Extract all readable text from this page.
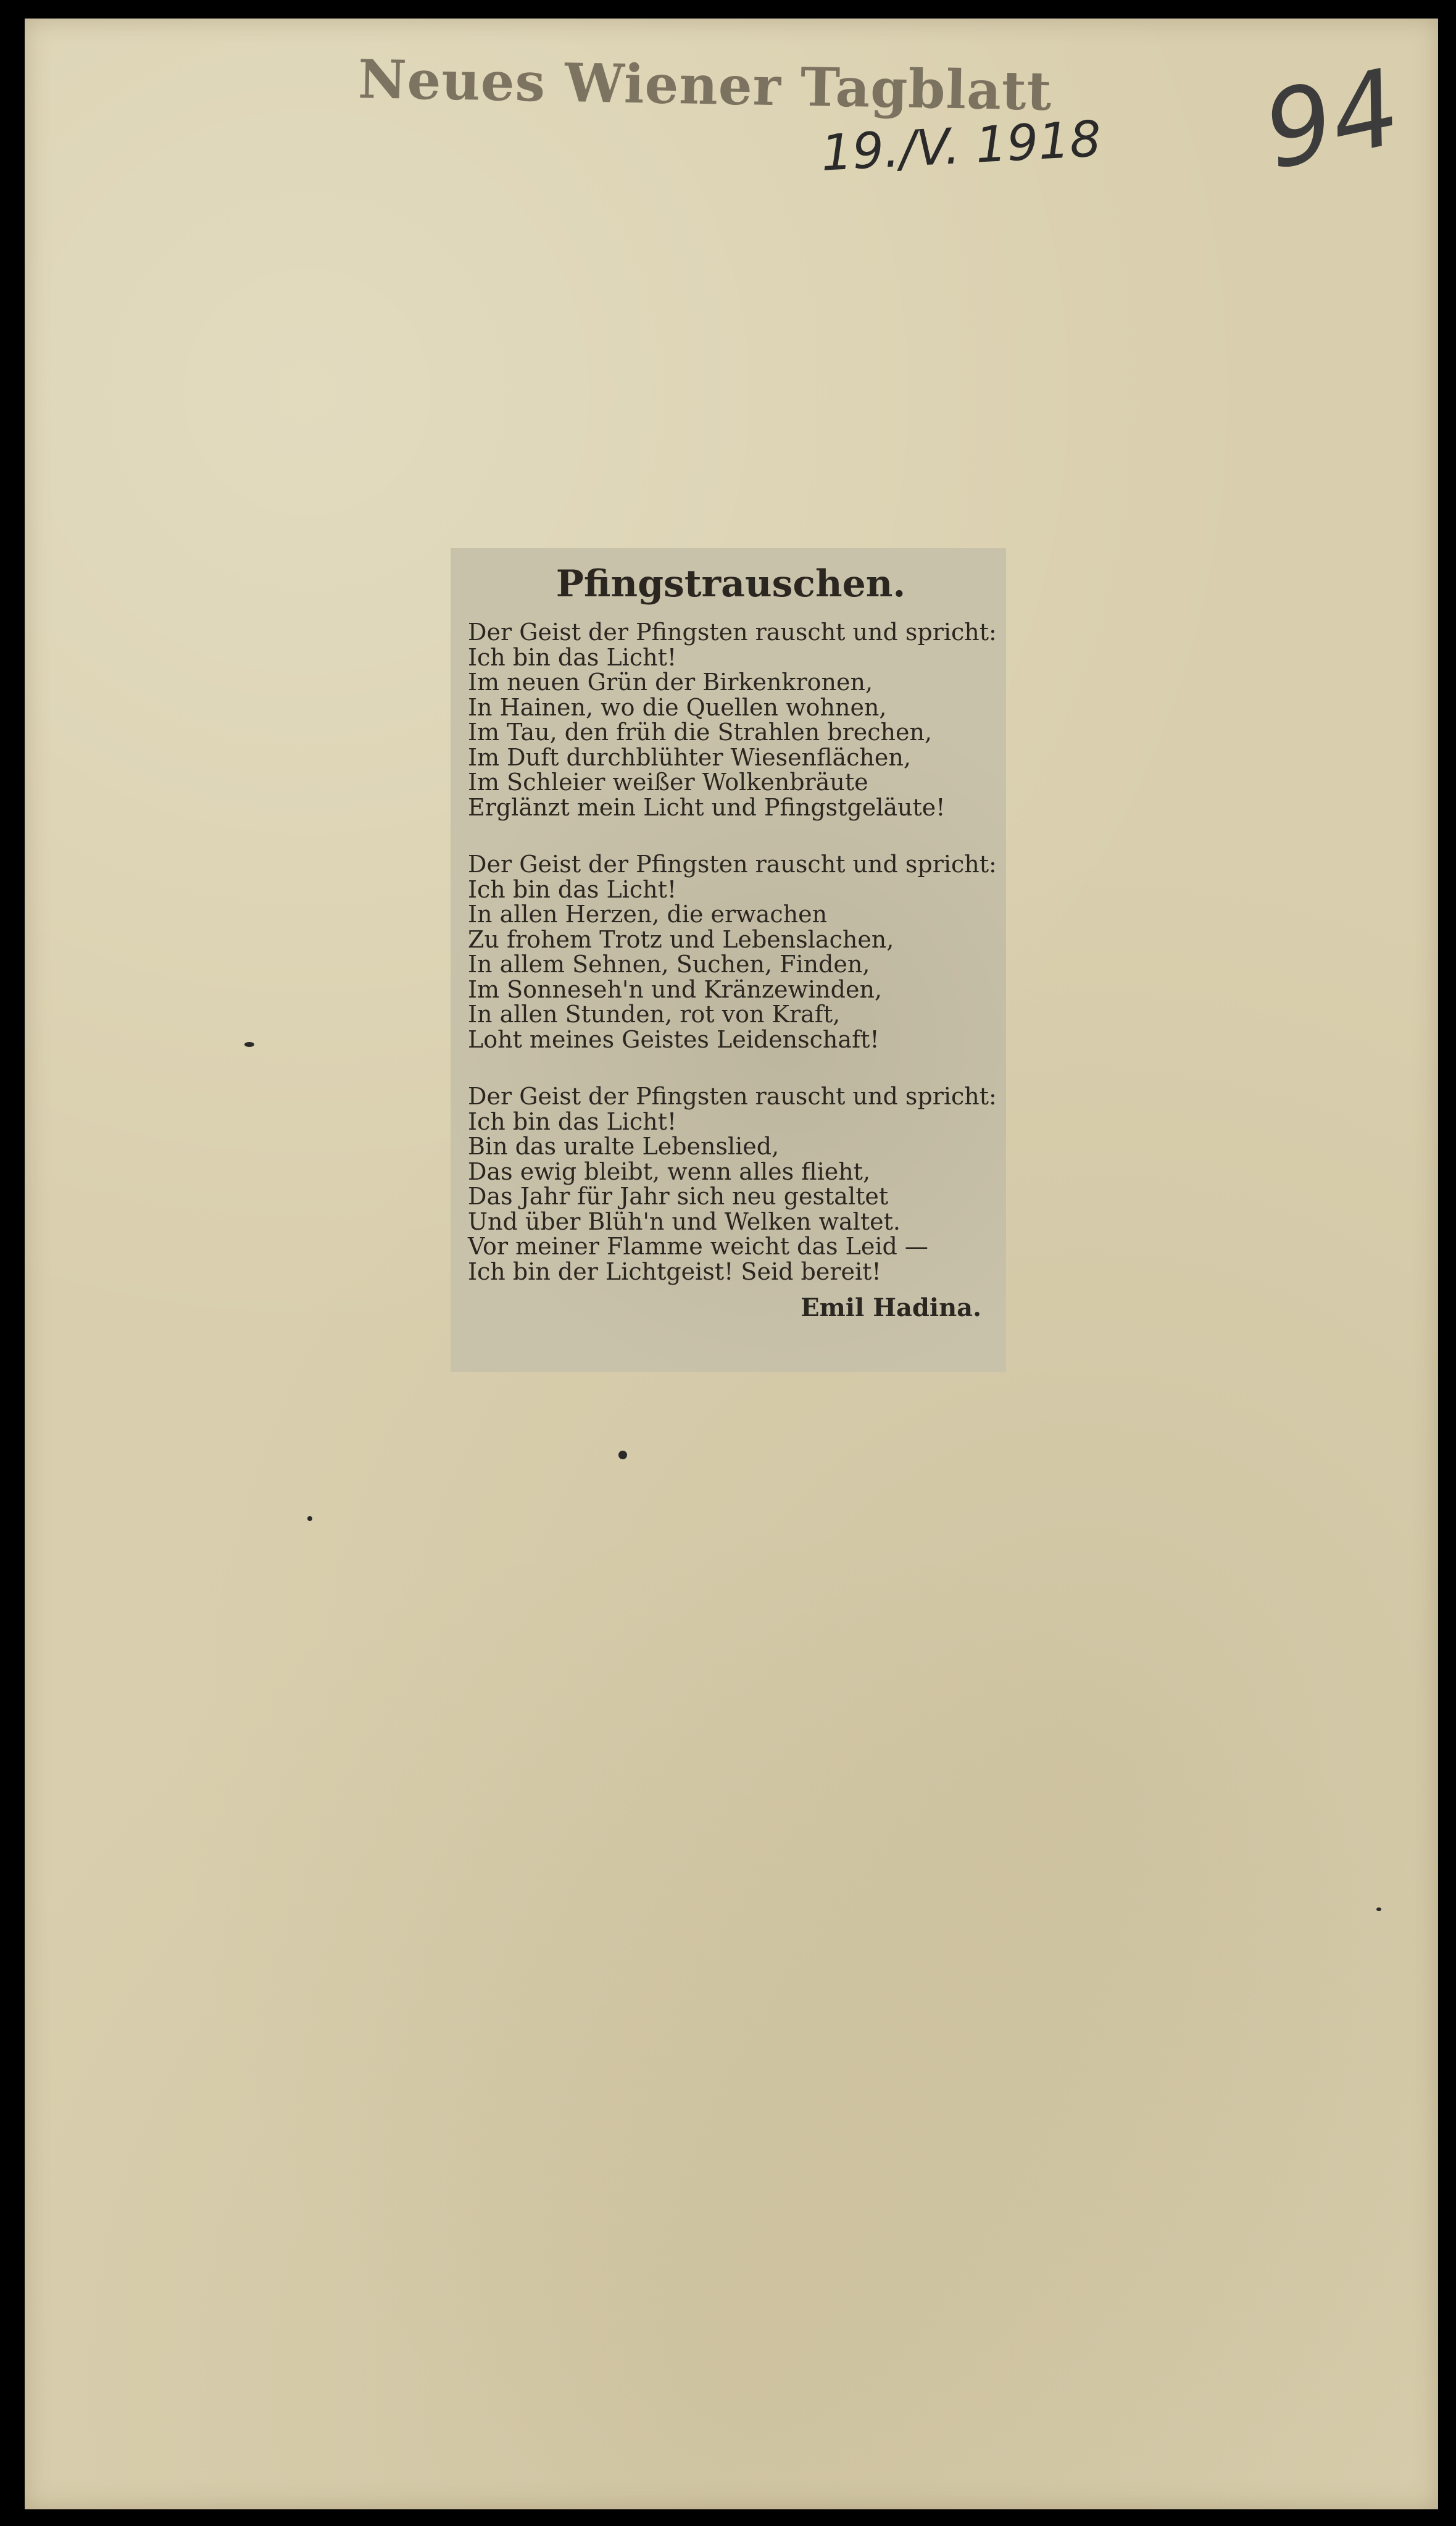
Neues Wiener Tagblatt
19./V. 1918 94
Pfingstrauschen.
Der Geist der Pfingsten rauscht und spricht:
Ich bin das Licht!
Im neuen Grün der Birkenkronen,
In Hainen, wo die Quellen wohnen,
Im Tau, den früh die Strahlen brechen,
Im Duft durchblühter Wiesenflächen,
Im Schleier weißer Wolkenbräute
Erglänzt mein Licht und Pfingstgeläute!
Der Geist der Pfingsten rauscht und spricht:
Ich bin das Licht!
In allen Herzen, die erwachen
Zu frohem Trotz und Lebenslachen,
In allem Sehnen, Suchen, Finden,
Im Sonneseh'n und Kränzewinden,
In allen Stunden, rot von Kraft,
Loht meines Geistes Leidenschaft!
Der Geist der Pfingsten rauscht und spricht:
Ich bin das Licht!
Bin das uralte Lebenslied,
Das ewig bleibt, wenn alles flieht,
Das Jahr für Jahr sich neu gestaltet
Und über Blüh'n und Welken waltet.
Vor meiner Flamme weicht das Leid —
Ich bin der Lichtgeist! Seid bereit!
Emil Hadina.
